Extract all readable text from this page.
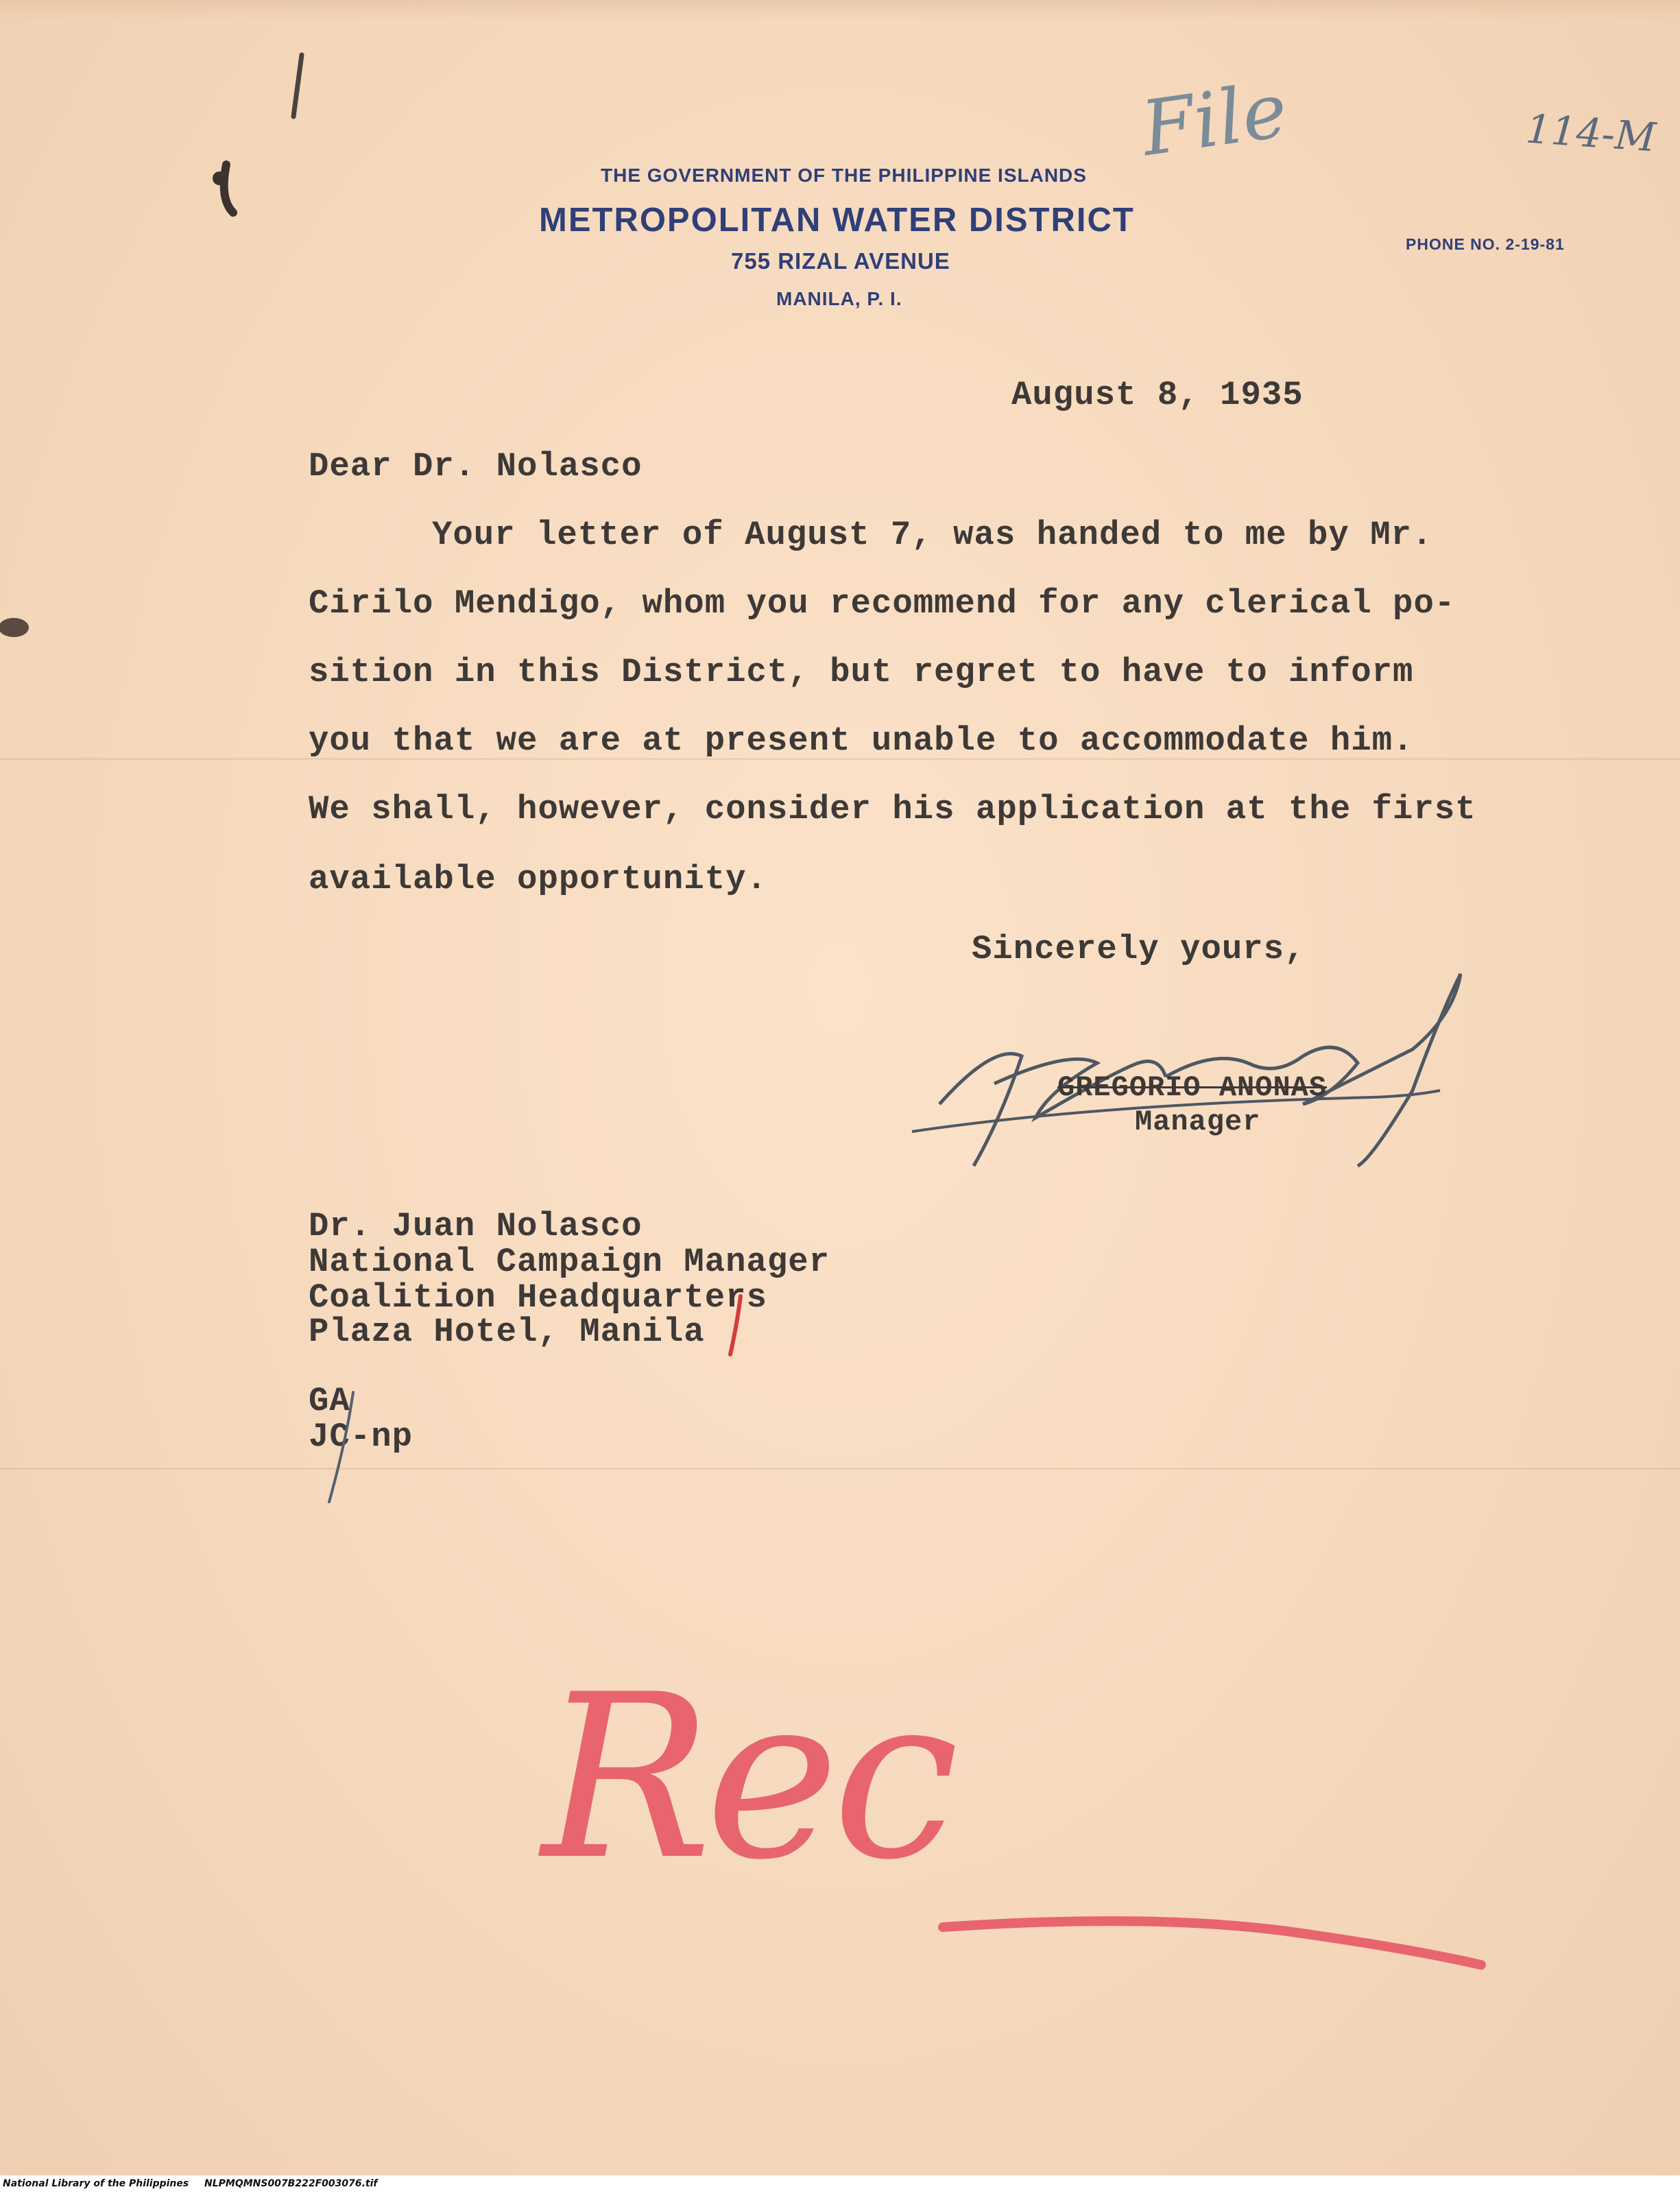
THE GOVERNMENT OF THE PHILIPPINE ISLANDS
METROPOLITAN WATER DISTRICT
755 RIZAL AVENUE
MANILA, P. I.
PHONE NO. 2-19-81
File	114-M
August 8, 1935
Dear Dr. Nolasco
Your letter of August 7, was handed to me by Mr.
Cirilo Mendigo, whom you recommend for any clerical po-
sition in this District, but regret to have to inform
you that we are at present unable to accommodate him.
We shall, however, consider his application at the first
available opportunity.
Sincerely yours,
GREGORIO ANONAS
Manager
Dr. Juan Nolasco
National Campaign Manager
Coalition Headquarters
Plaza Hotel, Manila
GA
JC-np
Rec
National Library of the Philippines NLPMQMNS007B222F003076.tif
